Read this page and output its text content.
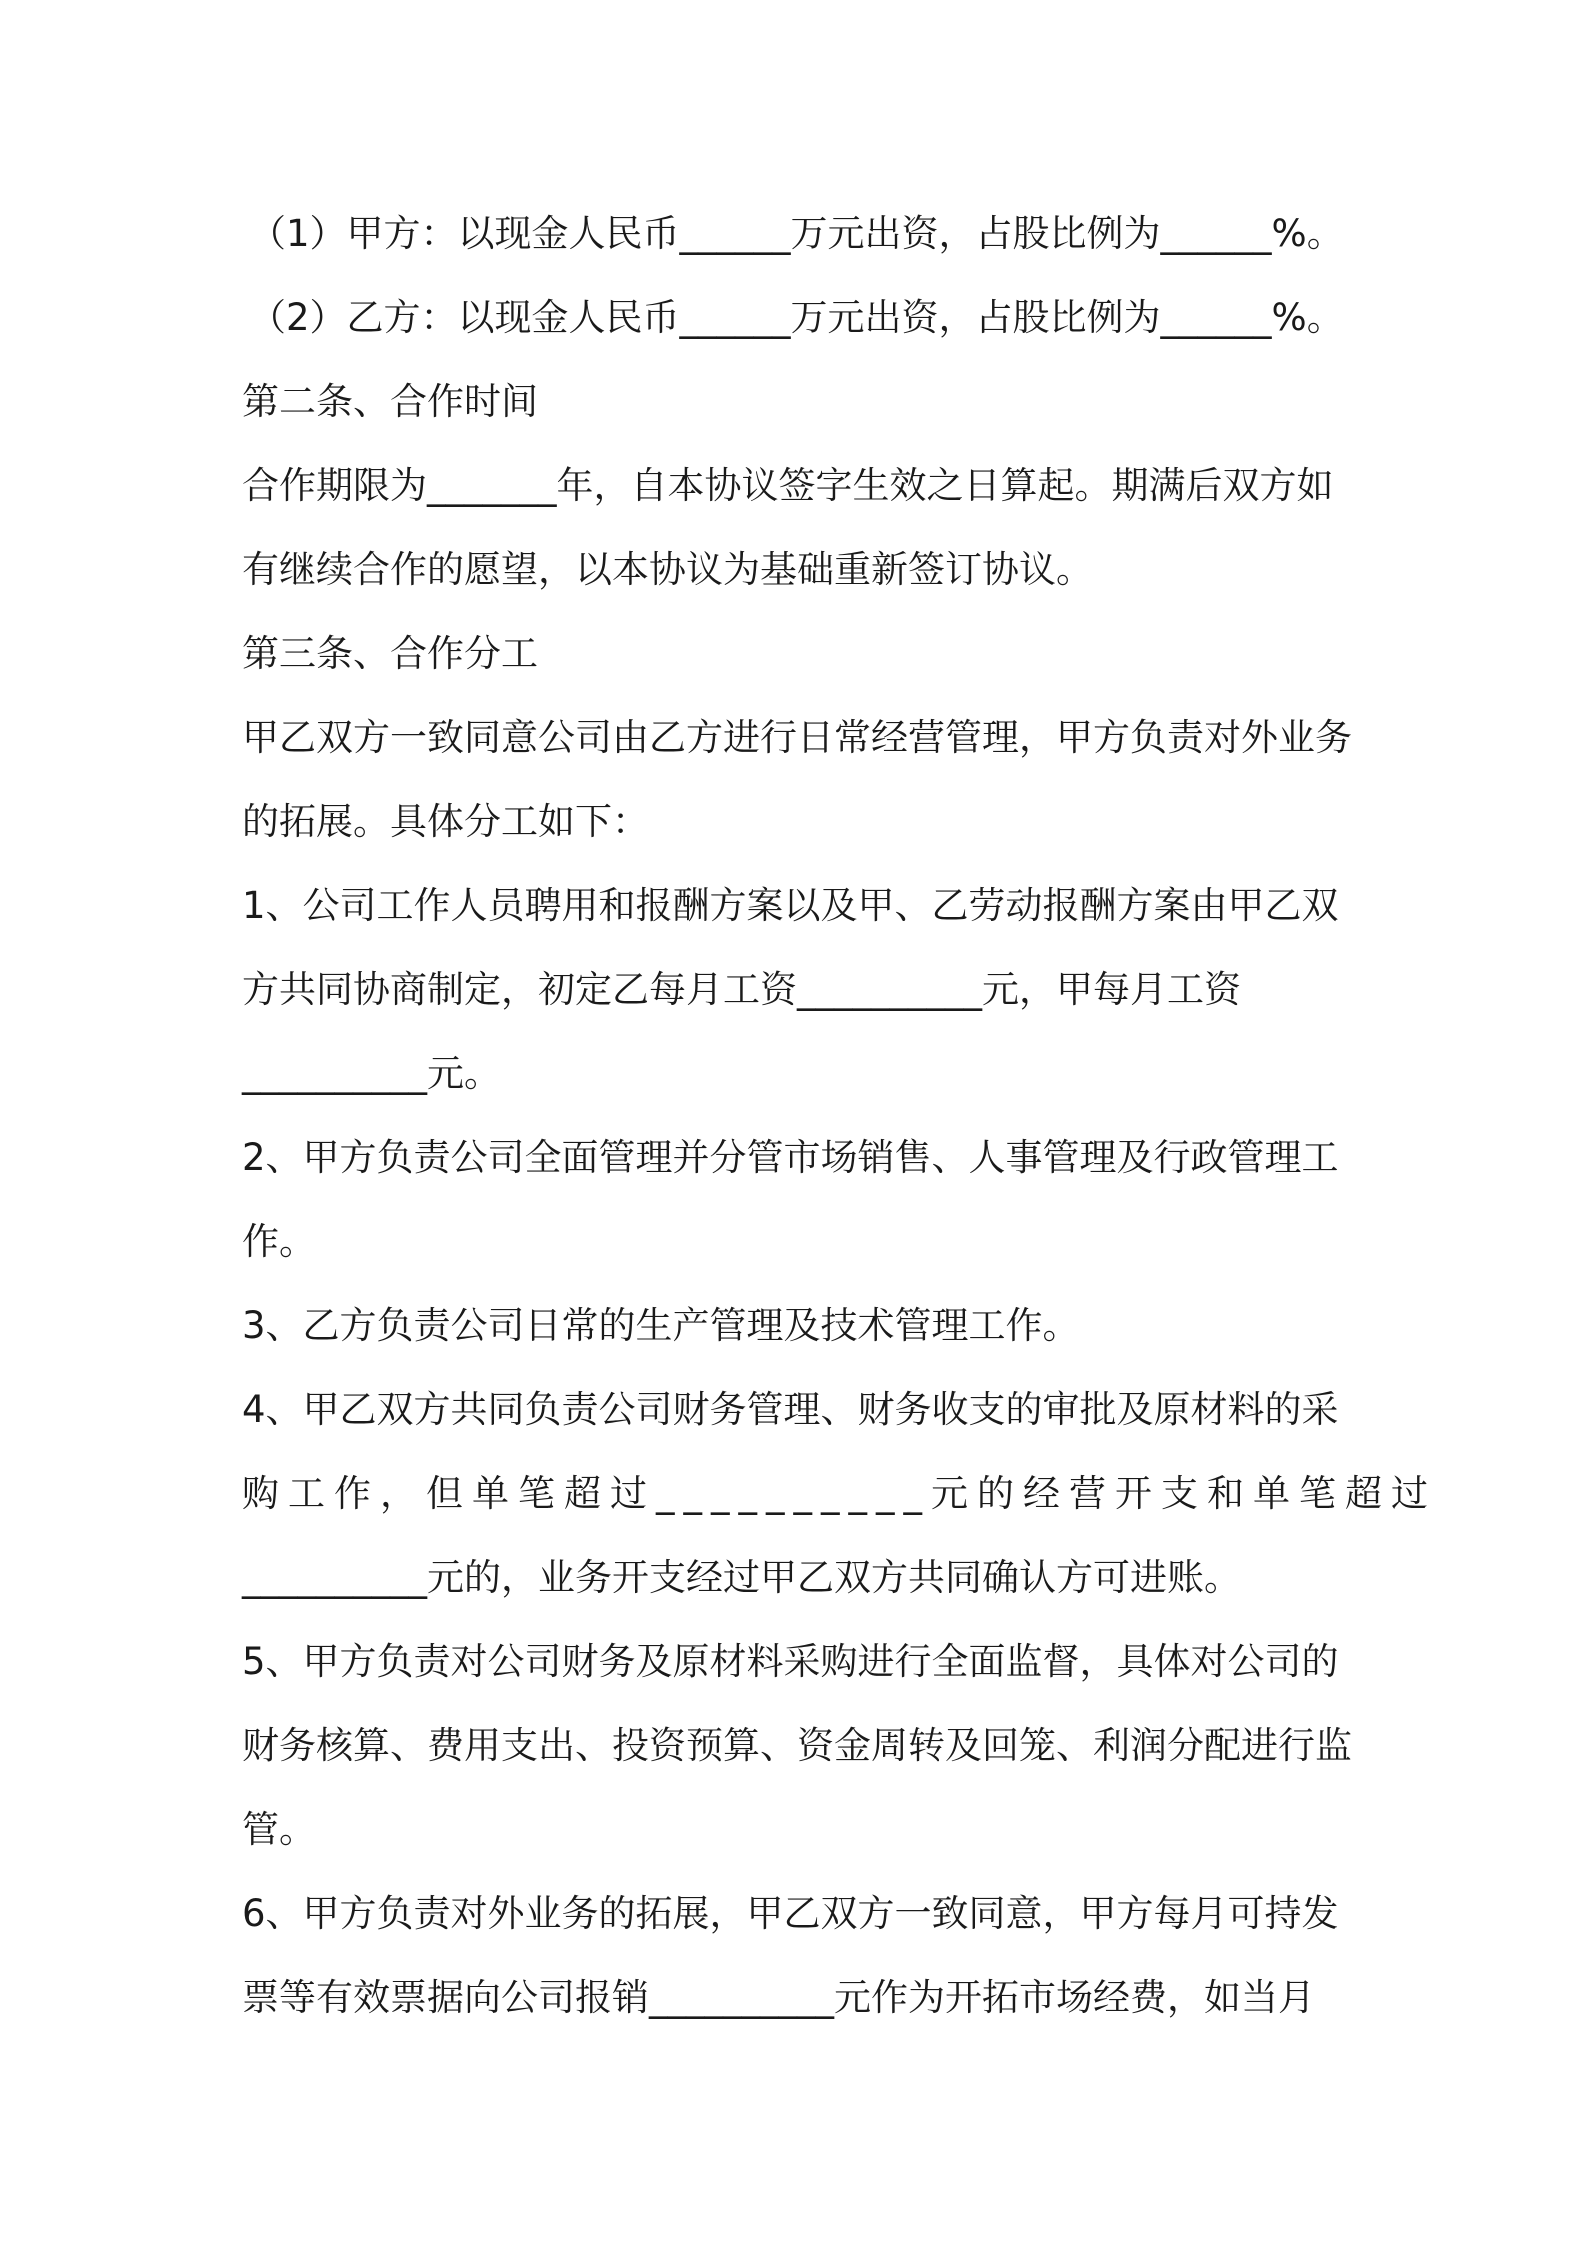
（1）甲方：以现金人民币______万元出资，占股比例为______%。
（2）乙方：以现金人民币______万元出资，占股比例为______%。
第二条、合作时间
合作期限为_______年，自本协议签字生效之日算起。期满后双方如
有继续合作的愿望，以本协议为基础重新签订协议。
第三条、合作分工
甲乙双方一致同意公司由乙方进行日常经营管理，甲方负责对外业务
的拓展。具体分工如下：
1、公司工作人员聘用和报酬方案以及甲、乙劳动报酬方案由甲乙双
方共同协商制定，初定乙每月工资__________元，甲每月工资
__________元。
2、甲方负责公司全面管理并分管市场销售、人事管理及行政管理工
作。
3、乙方负责公司日常的生产管理及技术管理工作。
4、甲乙双方共同负责公司财务管理、财务收支的审批及原材料的采
购工作，但单笔超过__________元的经营开支和单笔超过
__________元的，业务开支经过甲乙双方共同确认方可进账。
5、甲方负责对公司财务及原材料采购进行全面监督，具体对公司的
财务核算、费用支出、投资预算、资金周转及回笼、利润分配进行监
管。
6、甲方负责对外业务的拓展，甲乙双方一致同意，甲方每月可持发
票等有效票据向公司报销__________元作为开拓市场经费，如当月
